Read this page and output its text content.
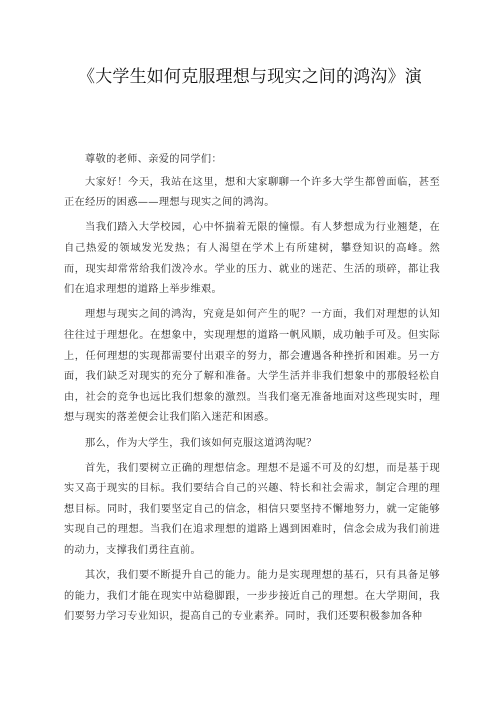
《大学生如何克服理想与现实之间的鸿沟》演

尊敬的老师、亲爱的同学们：

大家好！今天，我站在这里，想和大家聊聊一个许多大学生都曾面临，甚至正在经历的困惑——理想与现实之间的鸿沟。

当我们踏入大学校园，心中怀揣着无限的憧憬。有人梦想成为行业翘楚，在自己热爱的领域发光发热；有人渴望在学术上有所建树，攀登知识的高峰。然而，现实却常常给我们泼冷水。学业的压力、就业的迷茫、生活的琐碎，都让我们在追求理想的道路上举步维艰。

理想与现实之间的鸿沟，究竟是如何产生的呢？一方面，我们对理想的认知往往过于理想化。在想象中，实现理想的道路一帆风顺，成功触手可及。但实际上，任何理想的实现都需要付出艰辛的努力，都会遭遇各种挫折和困难。另一方面，我们缺乏对现实的充分了解和准备。大学生活并非我们想象中的那般轻松自由，社会的竞争也远比我们想象的激烈。当我们毫无准备地面对这些现实时，理想与现实的落差便会让我们陷入迷茫和困惑。

那么，作为大学生，我们该如何克服这道鸿沟呢？

首先，我们要树立正确的理想信念。理想不是遥不可及的幻想，而是基于现实又高于现实的目标。我们要结合自己的兴趣、特长和社会需求，制定合理的理想目标。同时，我们要坚定自己的信念，相信只要坚持不懈地努力，就一定能够实现自己的理想。当我们在追求理想的道路上遇到困难时，信念会成为我们前进的动力，支撑我们勇往直前。

其次，我们要不断提升自己的能力。能力是实现理想的基石，只有具备足够的能力，我们才能在现实中站稳脚跟，一步步接近自己的理想。在大学期间，我们要努力学习专业知识，提高自己的专业素养。同时，我们还要积极参加各种
